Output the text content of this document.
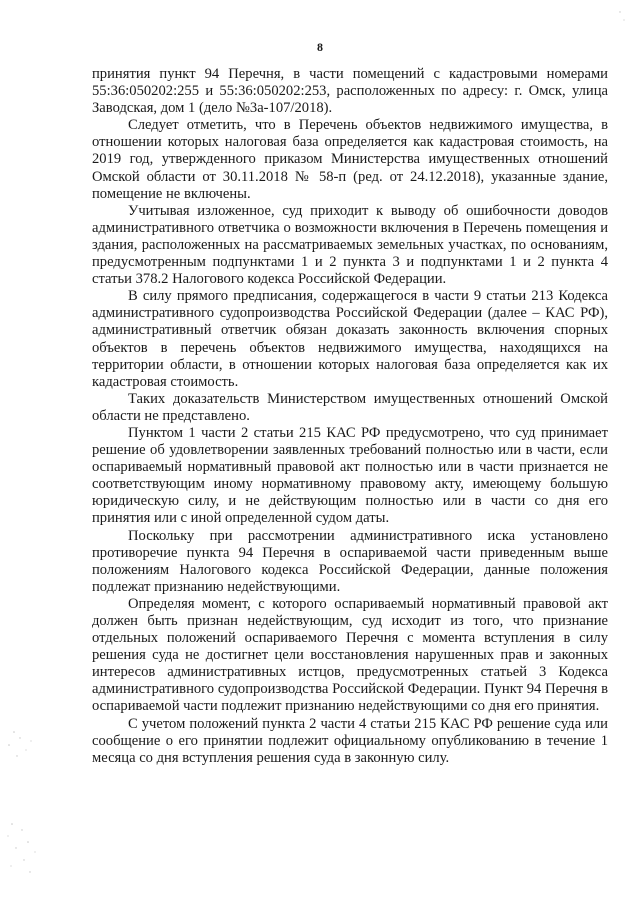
8

принятия пункт 94 Перечня, в части помещений с кадастровыми номерами 55:36:050202:255 и 55:36:050202:253, расположенных по адресу: г. Омск, улица Заводская, дом 1 (дело №3а-107/2018).

Следует отметить, что в Перечень объектов недвижимого имущества, в отношении которых налоговая база определяется как кадастровая стоимость, на 2019 год, утвержденного приказом Министерства имущественных отношений Омской области от 30.11.2018 № 58-п (ред. от 24.12.2018), указанные здание, помещение не включены.

Учитывая изложенное, суд приходит к выводу об ошибочности доводов административного ответчика о возможности включения в Перечень помещения и здания, расположенных на рассматриваемых земельных участках, по основаниям, предусмотренным подпунктами 1 и 2 пункта 3 и подпунктами 1 и 2 пункта 4 статьи 378.2 Налогового кодекса Российской Федерации.

В силу прямого предписания, содержащегося в части 9 статьи 213 Кодекса административного судопроизводства Российской Федерации (далее – КАС РФ), административный ответчик обязан доказать законность включения спорных объектов в перечень объектов недвижимого имущества, находящихся на территории области, в отношении которых налоговая база определяется как их кадастровая стоимость.

Таких доказательств Министерством имущественных отношений Омской области не представлено.

Пунктом 1 части 2 статьи 215 КАС РФ предусмотрено, что суд принимает решение об удовлетворении заявленных требований полностью или в части, если оспариваемый нормативный правовой акт полностью или в части признается не соответствующим иному нормативному правовому акту, имеющему большую юридическую силу, и не действующим полностью или в части со дня его принятия или с иной определенной судом даты.

Поскольку при рассмотрении административного иска установлено противоречие пункта 94 Перечня в оспариваемой части приведенным выше положениям Налогового кодекса Российской Федерации, данные положения подлежат признанию недействующими.

Определяя момент, с которого оспариваемый нормативный правовой акт должен быть признан недействующим, суд исходит из того, что признание отдельных положений оспариваемого Перечня с момента вступления в силу решения суда не достигнет цели восстановления нарушенных прав и законных интересов административных истцов, предусмотренных статьей 3 Кодекса административного судопроизводства Российской Федерации. Пункт 94 Перечня в оспариваемой части подлежит признанию недействующими со дня его принятия.

С учетом положений пункта 2 части 4 статьи 215 КАС РФ решение суда или сообщение о его принятии подлежит официальному опубликованию в течение 1 месяца со дня вступления решения суда в законную силу.
